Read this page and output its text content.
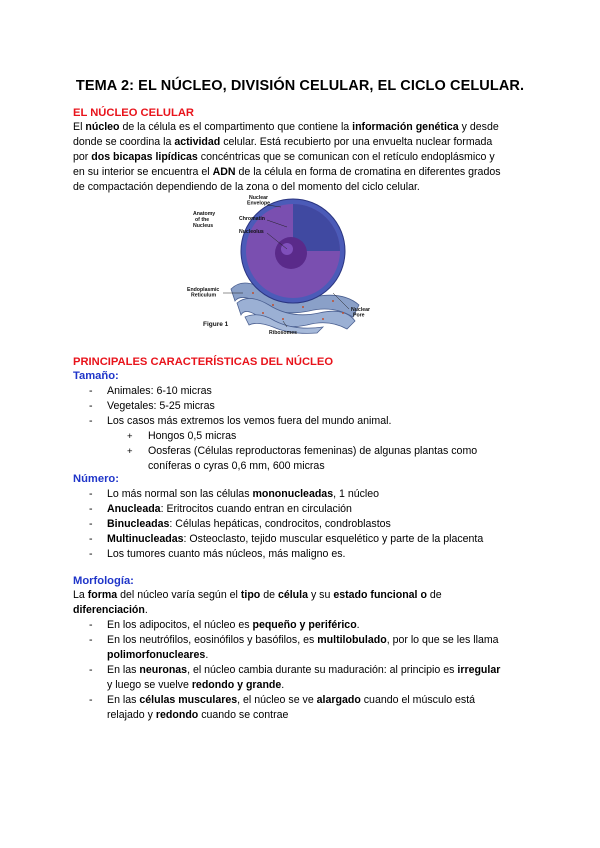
TEMA 2: EL NÚCLEO, DIVISIÓN CELULAR, EL CICLO CELULAR.
EL NÚCLEO CELULAR

El núcleo de la célula es el compartimento que contiene la información genética y desde

donde se coordina la actividad celular. Está recubierto por una envuelta nuclear formada

por dos bicapas lipídicas concéntricas que se comunican con el retículo endoplásmico y

en su interior se encuentra el ADN de la célula en forma de cromatina en diferentes grados

de compactación dependiendo de la zona o del momento del ciclo celular.

Anatomy of the Nucleus
Nuclear Envelope
Chromatin
Nucleolus
Endoplasmic Reticulum
Nuclear Pore
Ribosomes
Figure 1
PRINCIPALES CARACTERÍSTICAS DEL NÚCLEO
Tamaño:
- Animales: 6-10 micras
- Vegetales: 5-25 micras
- Los casos más extremos los vemos fuera del mundo animal.
+ Hongos 0,5 micras
+ Oosferas (Células reproductoras femeninas) de algunas plantas como
coníferas o cyras 0,6 mm, 600 micras
Número:
- Lo más normal son las células mononucleadas, 1 núcleo
- Anucleada: Eritrocitos cuando entran en circulación
- Binucleadas: Células hepáticas, condrocitos, condroblastos
- Multinucleadas: Osteoclasto, tejido muscular esquelético y parte de la placenta
- Los tumores cuanto más núcleos, más maligno es.
Morfología:

La forma del núcleo varía según el tipo de célula y su estado funcional o de

diferenciación.

- En los adipocitos, el núcleo es pequeño y periférico.
- En los neutrófilos, eosinófilos y basófilos, es multilobulado, por lo que se les llama
polimorfonucleares.
- En las neuronas, el núcleo cambia durante su maduración: al principio es irregular
y luego se vuelve redondo y grande.
- En las células musculares, el núcleo se ve alargado cuando el músculo está
relajado y redondo cuando se contrae
